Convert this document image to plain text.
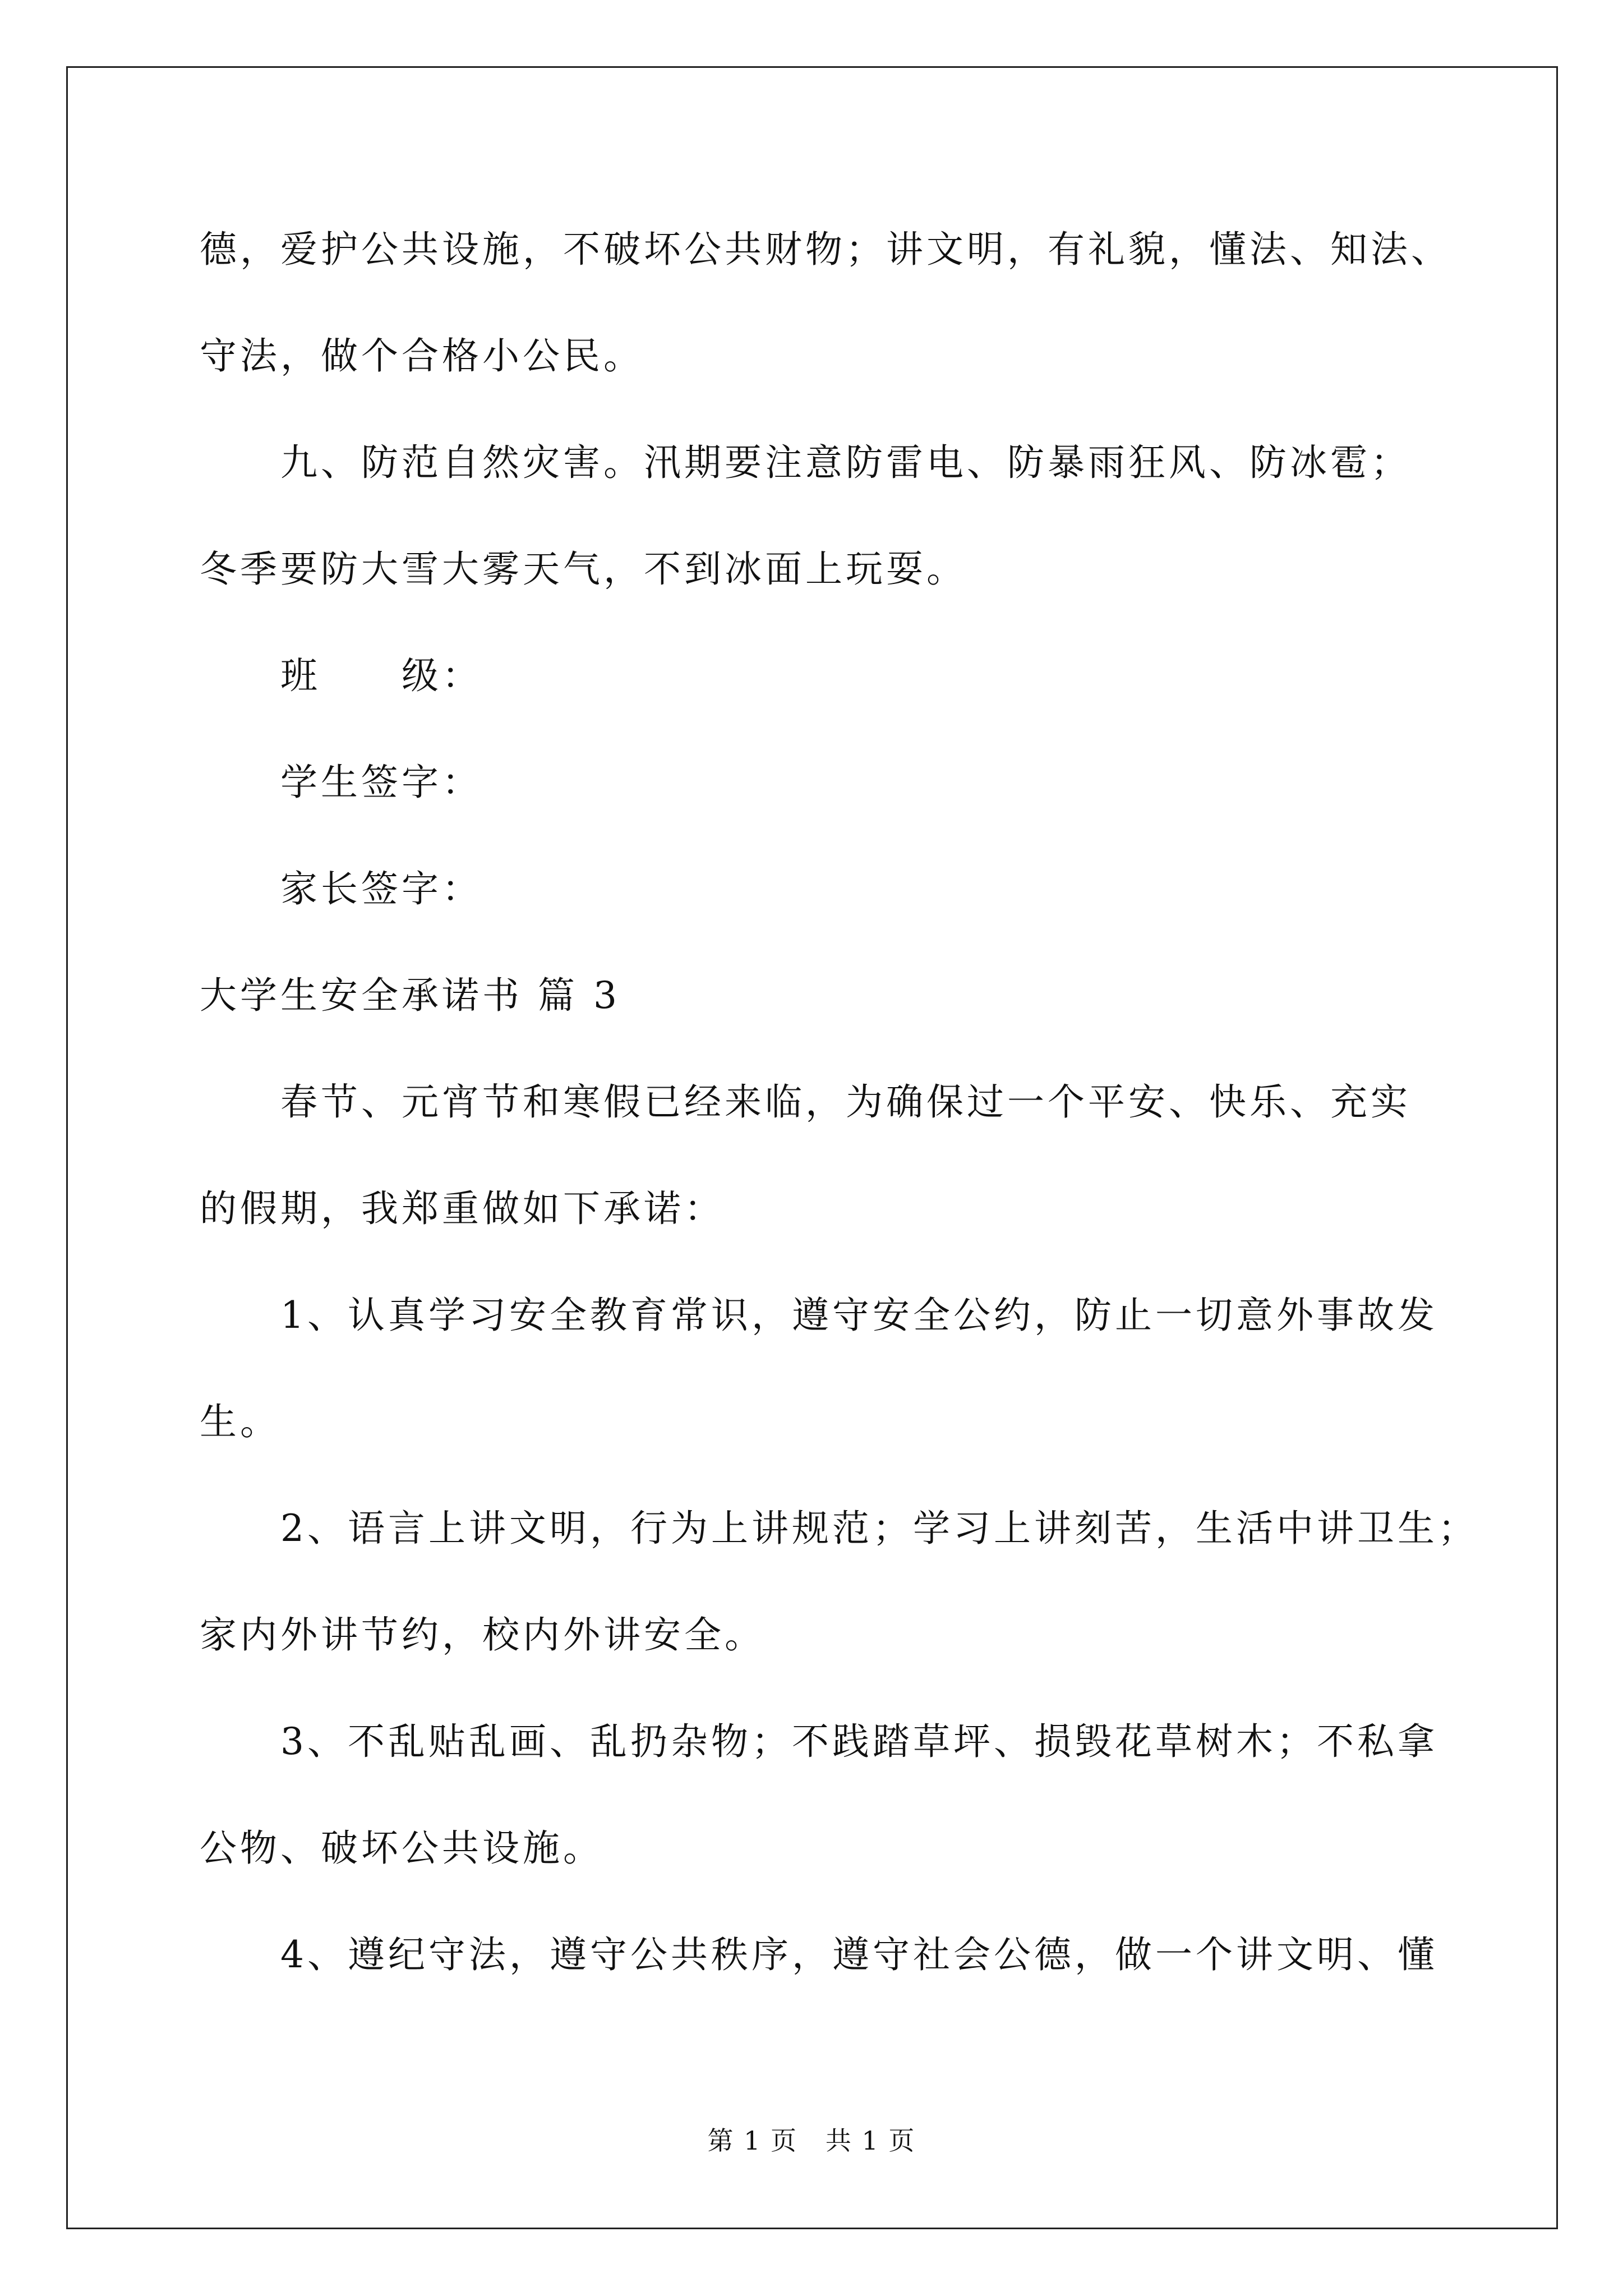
德，爱护公共设施，不破坏公共财物；讲文明，有礼貌，懂法、知法、
守法，做个合格小公民。
九、防范自然灾害。汛期要注意防雷电、防暴雨狂风、防冰雹；
冬季要防大雪大雾天气，不到冰面上玩耍。
班　　级：
学生签字：
家长签字：
大学生安全承诺书 篇 3
春节、元宵节和寒假已经来临，为确保过一个平安、快乐、充实
的假期，我郑重做如下承诺：
1、认真学习安全教育常识，遵守安全公约，防止一切意外事故发
生。
2、语言上讲文明，行为上讲规范；学习上讲刻苦，生活中讲卫生；
家内外讲节约，校内外讲安全。
3、不乱贴乱画、乱扔杂物；不践踏草坪、损毁花草树木；不私拿
公物、破坏公共设施。
4、遵纪守法，遵守公共秩序，遵守社会公德，做一个讲文明、懂
第 1 页   共 1 页
